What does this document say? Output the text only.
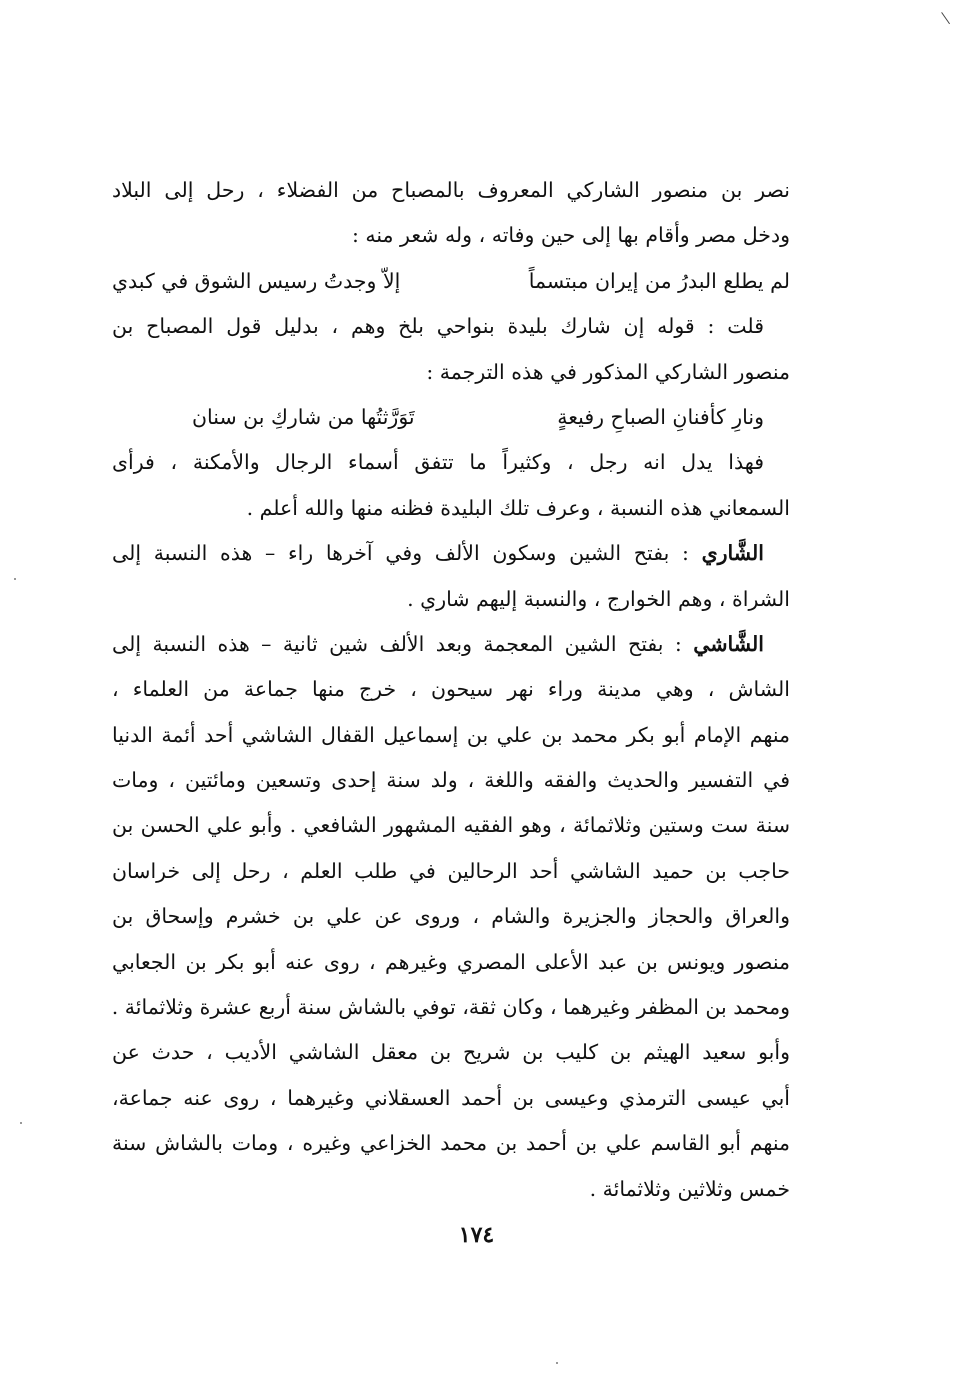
نصر بن منصور الشاركي المعروف بالمصباح من الفضلاء ، رحل إلى البلاد
ودخل مصر وأقام بها إلى حين وفاته ، وله شعر منه :
لم يطلع البدرُ من إيران مبتسماً
إلاّ وجدتُ رسيس الشوق في كبدي
قلت : قوله إن شارك بليدة بنواحي بلخ وهم ، بدليل قول المصباح بن
منصور الشاركي المذكور في هذه الترجمة :
ونارِ كأفنانِ الصباحِ رفيعةٍ
تَوَرَّثتُها من شاركِ بن سنان
فهذا يدل انه رجل ، وكثيراً ما تتفق أسماء الرجال والأمكنة ، فرأى
السمعاني هذه النسبة ، وعرف تلك البليدة فظنه منها والله أعلم .
الشَّاري : بفتح الشين وسكون الألف وفي آخرها راء – هذه النسبة إلى
الشراة ، وهم الخوارج ، والنسبة إليهم شاري .
الشَّاشي : بفتح الشين المعجمة وبعد الألف شين ثانية – هذه النسبة إلى
الشاش ، وهي مدينة وراء نهر سيحون ، خرج منها جماعة من العلماء ،
منهم الإمام أبو بكر محمد بن علي بن إسماعيل القفال الشاشي أحد أئمة الدنيا
في التفسير والحديث والفقه واللغة ، ولد سنة إحدى وتسعين ومائتين ، ومات
سنة ست وستين وثلاثمائة ، وهو الفقيه المشهور الشافعي . وأبو علي الحسن بن
حاجب بن حميد الشاشي أحد الرحالين في طلب العلم ، رحل إلى خراسان
والعراق والحجاز والجزيرة والشام ، وروى عن علي بن خشرم وإسحاق بن
منصور ويونس بن عبد الأعلى المصري وغيرهم ، روى عنه أبو بكر بن الجعابي
ومحمد بن المظفر وغيرهما ، وكان ثقة، توفي بالشاش سنة أربع عشرة وثلاثمائة .
وأبو سعيد الهيثم بن كليب بن شريح بن معقل الشاشي الأديب ، حدث عن
أبي عيسى الترمذي وعيسى بن أحمد العسقلاني وغيرهما ، روى عنه جماعة،
منهم أبو القاسم علي بن أحمد بن محمد الخزاعي وغيره ، ومات بالشاش سنة
خمس وثلاثين وثلاثمائة .
١٧٤
